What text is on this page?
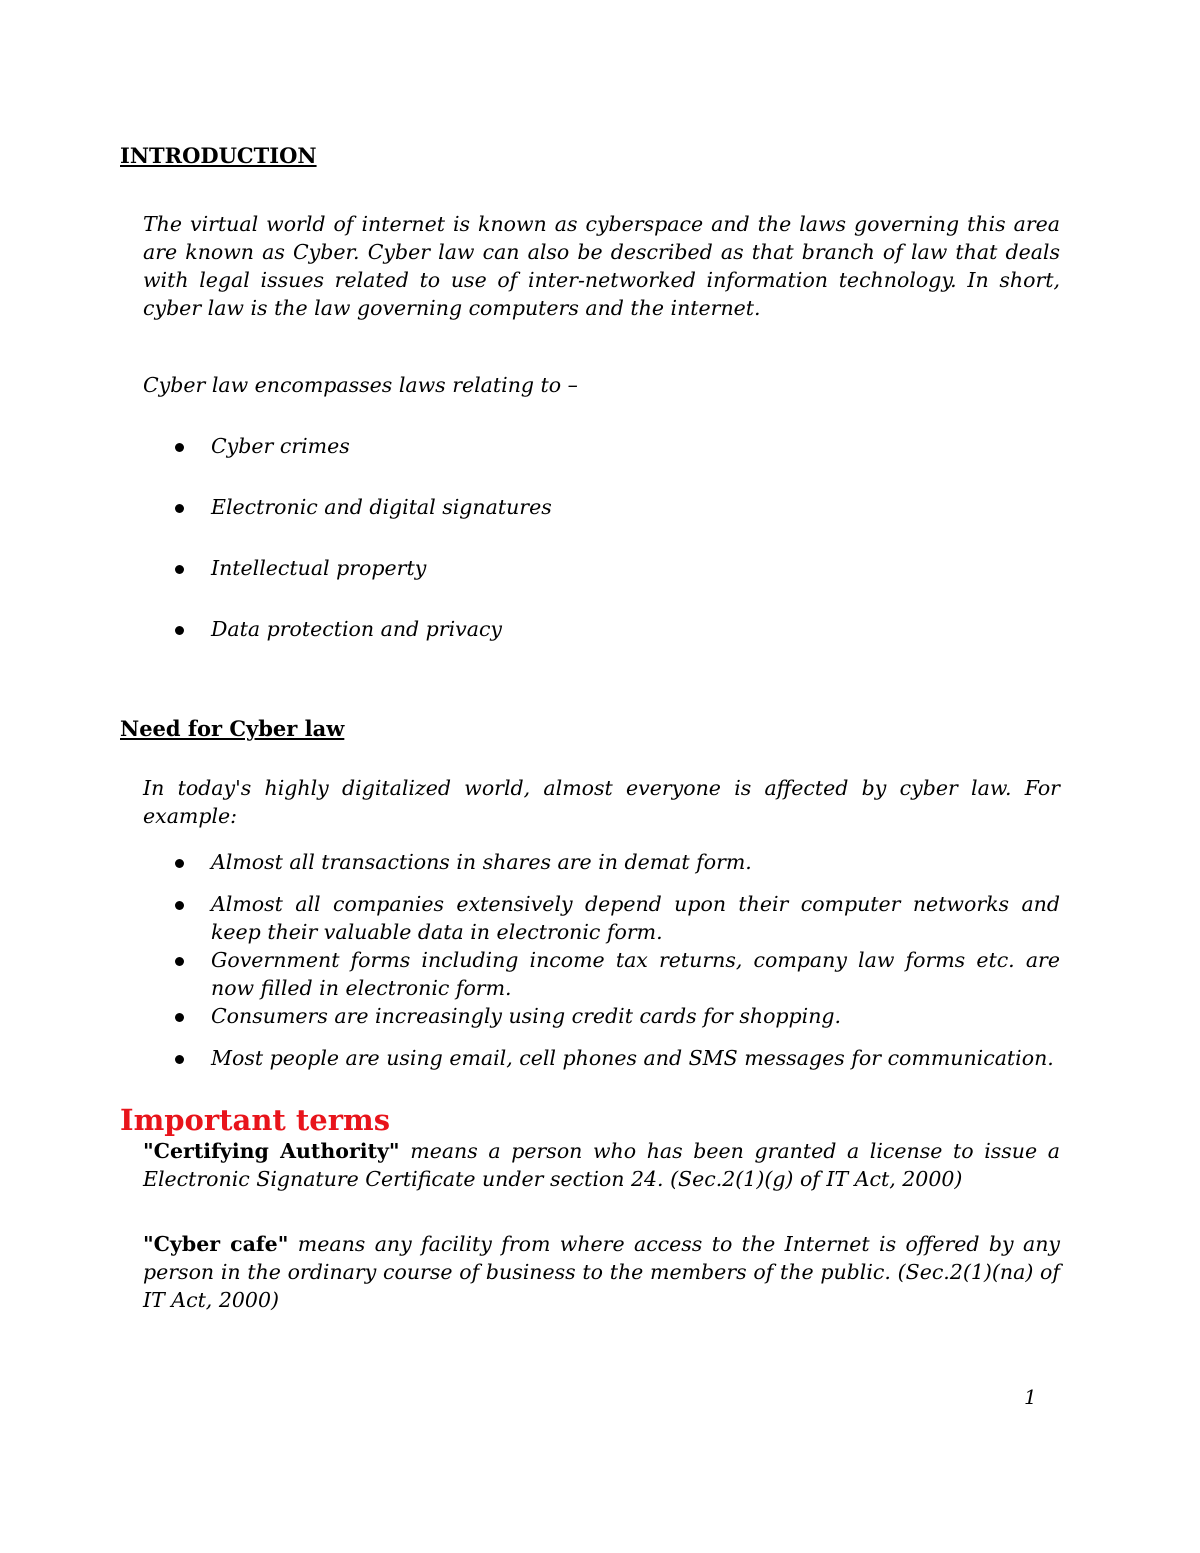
INTRODUCTION

The virtual world of internet is known as cyberspace and the laws governing this area are known as Cyber. Cyber law can also be described as that branch of law that deals with legal issues related to use of inter-networked information technology. In short, cyber law is the law governing computers and the internet.

Cyber law encompasses laws relating to –

Cyber crimes
Electronic and digital signatures
Intellectual property
Data protection and privacy
Need for Cyber law

In today's highly digitalized world, almost everyone is affected by cyber law. For example:

Almost all transactions in shares are in demat form.
Almost all companies extensively depend upon their computer networks and keep their valuable data in electronic form.
Government forms including income tax returns, company law forms etc. are now filled in electronic form.
Consumers are increasingly using credit cards for shopping.
Most people are using email, cell phones and SMS messages for communication.
Important terms

"Certifying Authority" means a person who has been granted a license to issue a Electronic Signature Certificate under section 24. (Sec.2(1)(g) of IT Act, 2000)

"Cyber cafe" means any facility from where access to the Internet is offered by any person in the ordinary course of business to the members of the public. (Sec.2(1)(na) of IT Act, 2000)

1
